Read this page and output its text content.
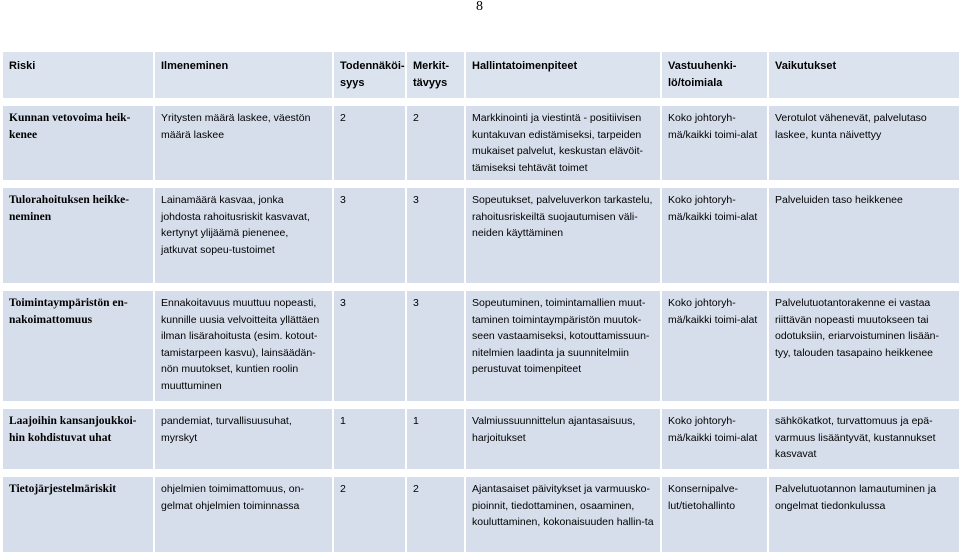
8
Riski	Ilmeneminen	Todennäköi-syys	Merkit-tävyys	Hallintatoimenpiteet	Vastuuhenki-lö/toimiala	Vaikutukset

Kunnan vetovoima heik-kenee	Yritysten määrä laskee, väestön määrä laskee	2	2	Markkinointi ja viestintä - positiivisen kuntakuvan edistämiseksi, tarpeiden mukaiset palvelut, keskustan elävöit-tämiseksi tehtävät toimet	Koko johtoryh-mä/kaikki toimi-alat	Verotulot vähenevät, palvelutaso laskee, kunta näivettyy

Tulorahoituksen heikke-neminen	Lainamäärä kasvaa, jonka johdosta rahoitusriskit kasvavat, kertynyt ylijäämä pienenee, jatkuvat sopeu-tustoimet	3	3	Sopeutukset, palveluverkon tarkastelu, rahoitusriskeiltä suojautumisen väli-neiden käyttäminen	Koko johtoryh-mä/kaikki toimi-alat	Palveluiden taso heikkenee

Toimintaympäristön en-nakoimattomuus	Ennakoitavuus muuttuu nopeasti, kunnille uusia velvoitteita yllättäen ilman lisärahoitusta (esim. kotout-tamistarpeen kasvu), lainsäädän-nön muutokset, kuntien roolin muuttuminen	3	3	Sopeutuminen, toimintamallien muut-taminen toimintaympäristön muutok-seen vastaamiseksi, kotouttamissuun-nitelmien laadinta ja suunnitelmiin perustuvat toimenpiteet	Koko johtoryh-mä/kaikki toimi-alat	Palvelutuotantorakenne ei vastaa riittävän nopeasti muutokseen tai odotuksiin, eriarvoistuminen lisään-tyy, talouden tasapaino heikkenee

Laajoihin kansanjoukkoi-hin kohdistuvat uhat	pandemiat, turvallisuusuhat, myrskyt	1	1	Valmiussuunnittelun ajantasaisuus, harjoitukset	Koko johtoryh-mä/kaikki toimi-alat	sähkökatkot, turvattomuus ja epä-varmuus lisääntyvät, kustannukset kasvavat

Tietojärjestelmäriskit	ohjelmien toimimattomuus, on-gelmat ohjelmien toiminnassa	2	2	Ajantasaiset päivitykset ja varmuusko-pioinnit, tiedottaminen, osaaminen, kouluttaminen, kokonaisuuden hallin-ta	Konsernipalve-lut/tietohallinto	Palvelutuotannon lamautuminen ja ongelmat tiedonkulussa
